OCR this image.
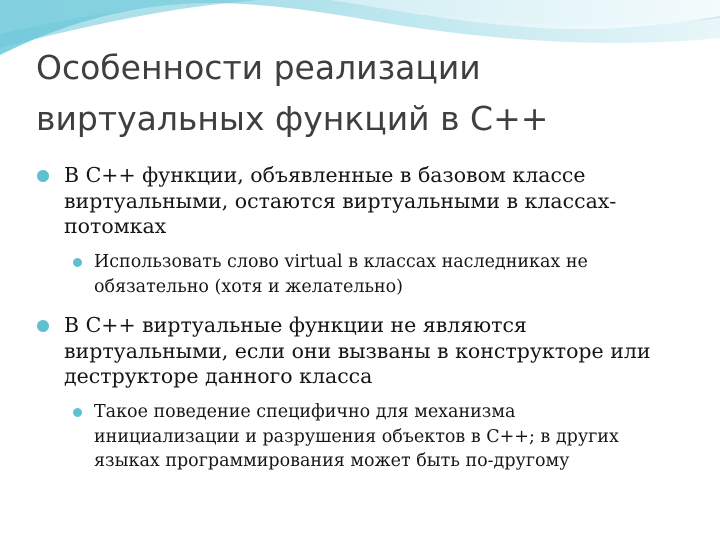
Особенности реализации
виртуальных функций в С++
В С++ функции, объявленные в базовом классе
виртуальными, остаются виртуальными в классах-
потомках
Использовать слово virtual в классах наследниках не
обязательно (хотя и желательно)
В С++ виртуальные функции не являются
виртуальными, если они вызваны в конструкторе или
деструкторе данного класса
Такое поведение специфично для механизма
инициализации и разрушения объектов в С++; в других
языках программирования может быть по-другому
